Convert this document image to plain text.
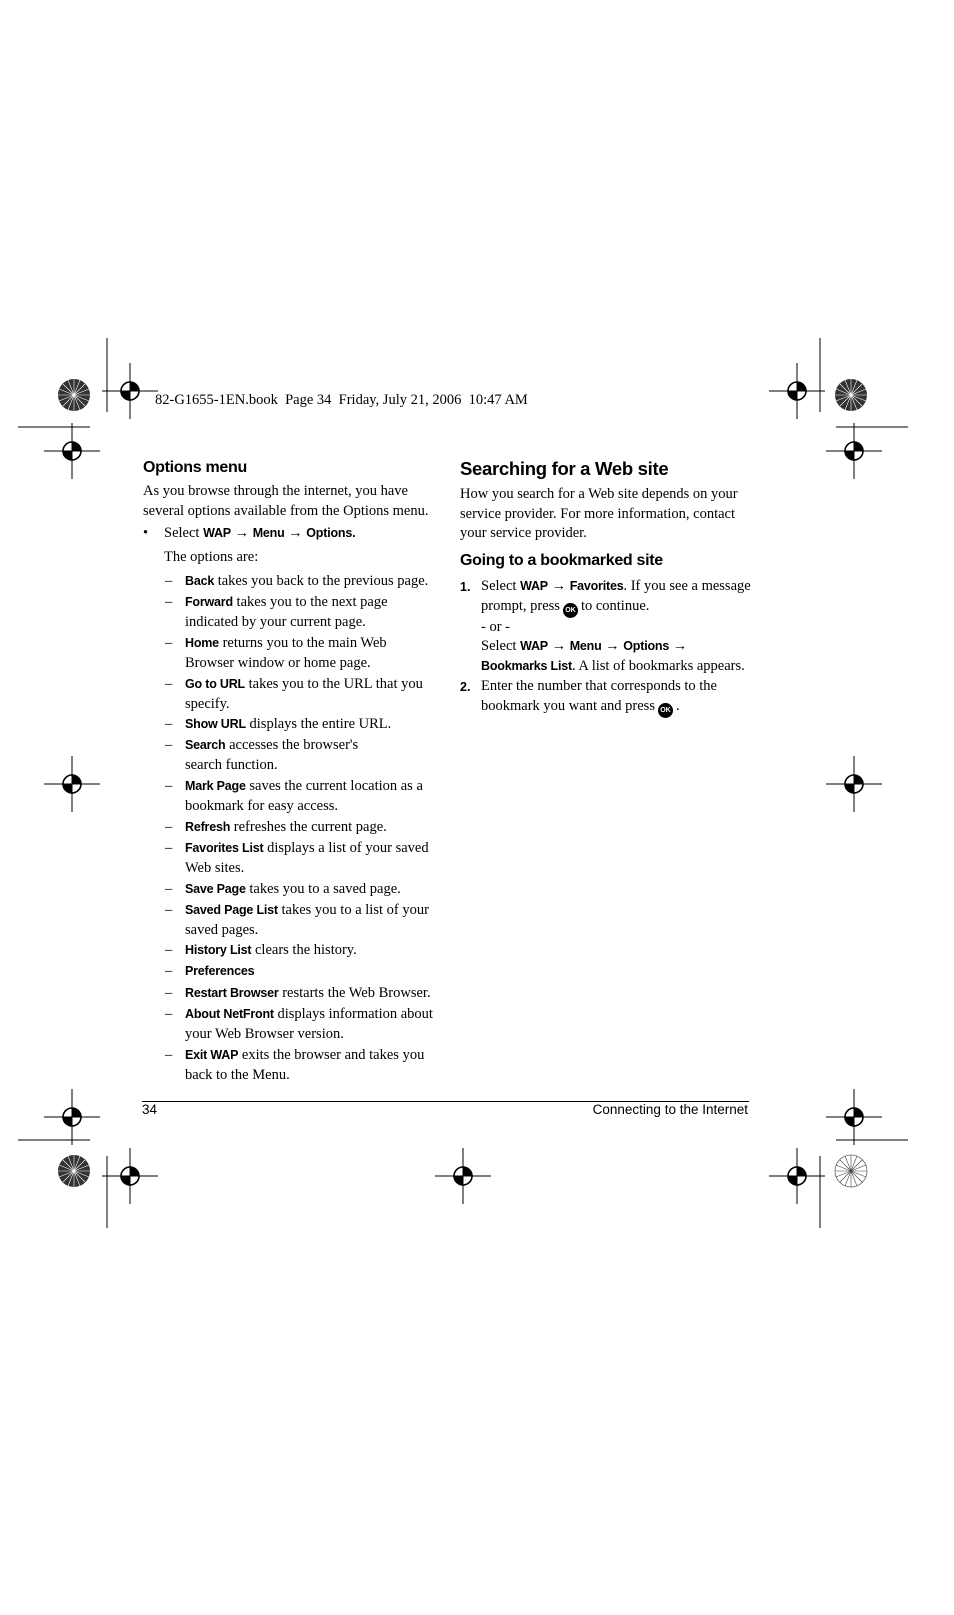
82-G1655-1EN.book  Page 34  Friday, July 21, 2006  10:47 AM
Options menu
As you browse through the internet, you have
several options available from the Options menu.
• Select WAP → Menu → Options.
The options are:
– Back takes you back to the previous page.
– Forward takes you to the next page indicated by your current page.
– Home returns you to the main Web Browser window or home page.
– Go to URL takes you to the URL that you specify.
– Show URL displays the entire URL.
– Search accesses the browser's search function.
– Mark Page saves the current location as a bookmark for easy access.
– Refresh refreshes the current page.
– Favorites List displays a list of your saved Web sites.
– Save Page takes you to a saved page.
– Saved Page List takes you to a list of your saved pages.
– History List clears the history.
– Preferences
– Restart Browser restarts the Web Browser.
– About NetFront displays information about your Web Browser version.
– Exit WAP exits the browser and takes you back to the Menu.
Searching for a Web site
How you search for a Web site depends on your
service provider. For more information, contact
your service provider.
Going to a bookmarked site
1. Select WAP → Favorites. If you see a message
prompt, press OK to continue.
- or -
Select WAP → Menu → Options →
Bookmarks List. A list of bookmarks appears.
2. Enter the number that corresponds to the
bookmark you want and press OK .
34	Connecting to the Internet
